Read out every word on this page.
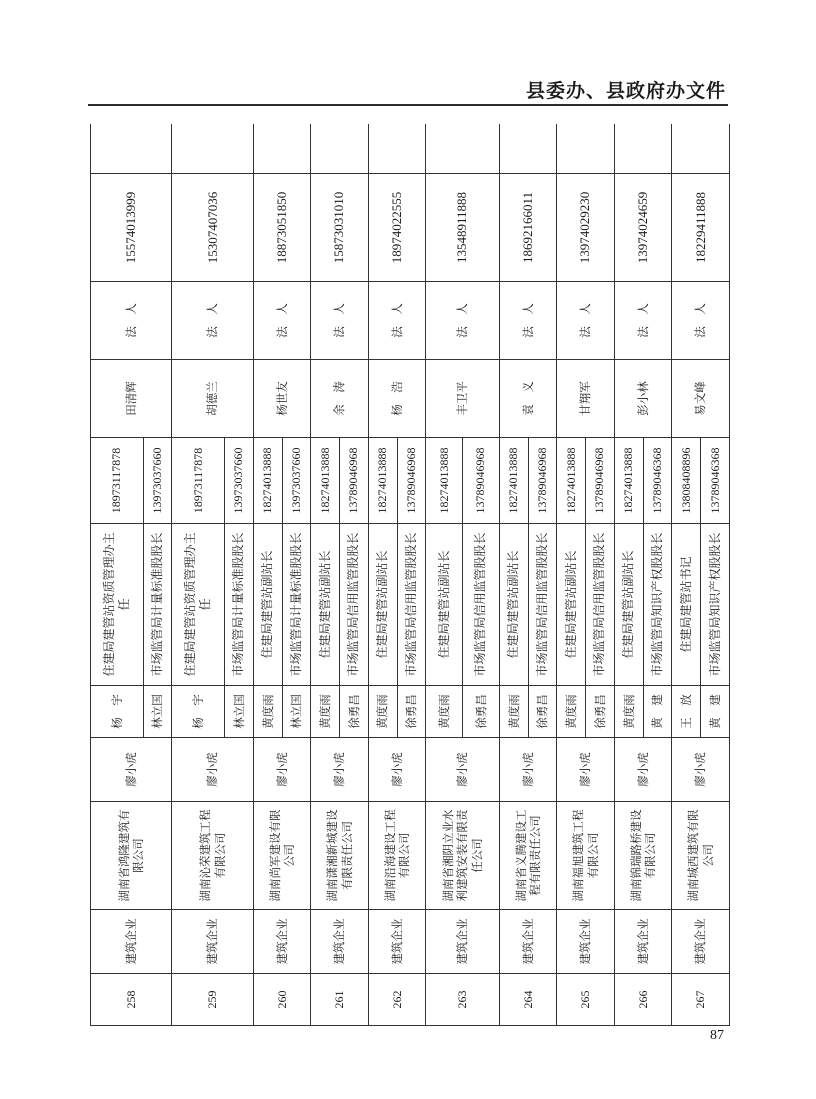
县委办、县政府办文件
258	建筑企业	湖南省鸿隆建筑有限公司	廖小虎	杨　宇	住建局建管站资质管理办主任	18973117878	田清辉	法　人	15574013999	
				林立国	市场监管局计量标准股股长	13973037660				
259	建筑企业	湖南沁荣建筑工程有限公司	廖小虎	杨　宇	住建局建管站资质管理办主任	18973117878	胡德兰	法　人	15307407036	
				林立国	市场监管局计量标准股股长	13973037660				
260	建筑企业	湖南尚军建设有限公司	廖小虎	黄度雨	住建局建管站副站长	18274013888	杨世友	法　人	18873051850	
				林立国	市场监管局计量标准股股长	13973037660				
261	建筑企业	湖南潇湘新城建设有限责任公司	廖小虎	黄度雨	住建局建管站副站长	18274013888	余　涛	法　人	15873031010	
				徐勇昌	市场监管局信用监管股股长	13789046968				
262	建筑企业	湖南沿海建设工程有限公司	廖小虎	黄度雨	住建局建管站副站长	18274013888	杨　浩	法　人	18974022555	
				徐勇昌	市场监管局信用监管股股长	13789046968				
263	建筑企业	湖南省湘阴立业水利建筑安装有限责任公司	廖小虎	黄度雨	住建局建管站副站长	18274013888	丰卫平	法　人	13548911888	
				徐勇昌	市场监管局信用监管股股长	13789046968				
264	建筑企业	湖南省义腾建设工程有限责任公司	廖小虎	黄度雨	住建局建管站副站长	18274013888	袁　义	法　人	18692166011	
				徐勇昌	市场监管局信用监管股股长	13789046968				
265	建筑企业	湖南福旭建筑工程有限公司	廖小虎	黄度雨	住建局建管站副站长	18274013888	甘翔军	法　人	13974029230	
				徐勇昌	市场监管局信用监管股股长	13789046968				
266	建筑企业	湖南锦瑞路桥建设有限公司	廖小虎	黄度雨	住建局建管站副站长	18274013888	彭小林	法　人	13974024659	
				黄　建	市场监管局知识产权股股长	13789046368				
267	建筑企业	湖南城西建筑有限公司	廖小虎	王　放	住建局建管站书记	13808408896	易文峰	法　人	18229411888	
				黄　建	市场监管局知识产权股股长	13789046368				
87
